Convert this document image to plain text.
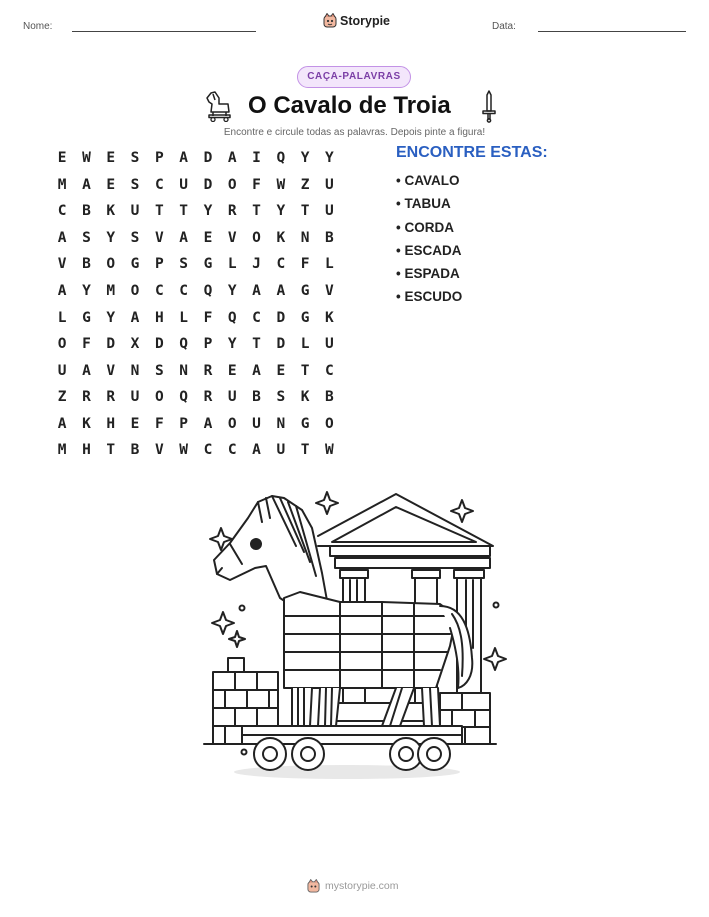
Nome:	Storypie	Data:
CAÇA-PALAVRAS
O Cavalo de Troia
Encontre e circule todas as palavras. Depois pinte a figura!
E	W	E	S	P	A	D	A	I	Q	Y	Y
M	A	E	S	C	U	D	O	F	W	Z	U
C	B	K	U	T	T	Y	R	T	Y	T	U
A	S	Y	S	V	A	E	V	O	K	N	B
V	B	O	G	P	S	G	L	J	C	F	L
A	Y	M	O	C	C	Q	Y	A	A	G	V
L	G	Y	A	H	L	F	Q	C	D	G	K
O	F	D	X	D	Q	P	Y	T	D	L	U
U	A	V	N	S	N	R	E	A	E	T	C
Z	R	R	U	O	Q	R	U	B	S	K	B
A	K	H	E	F	P	A	O	U	N	G	O
M	H	T	B	V	W	C	C	A	U	T	W
ENCONTRE ESTAS:
• CAVALO
• TABUA
• CORDA
• ESCADA
• ESPADA
• ESCUDO
mystorypie.com
